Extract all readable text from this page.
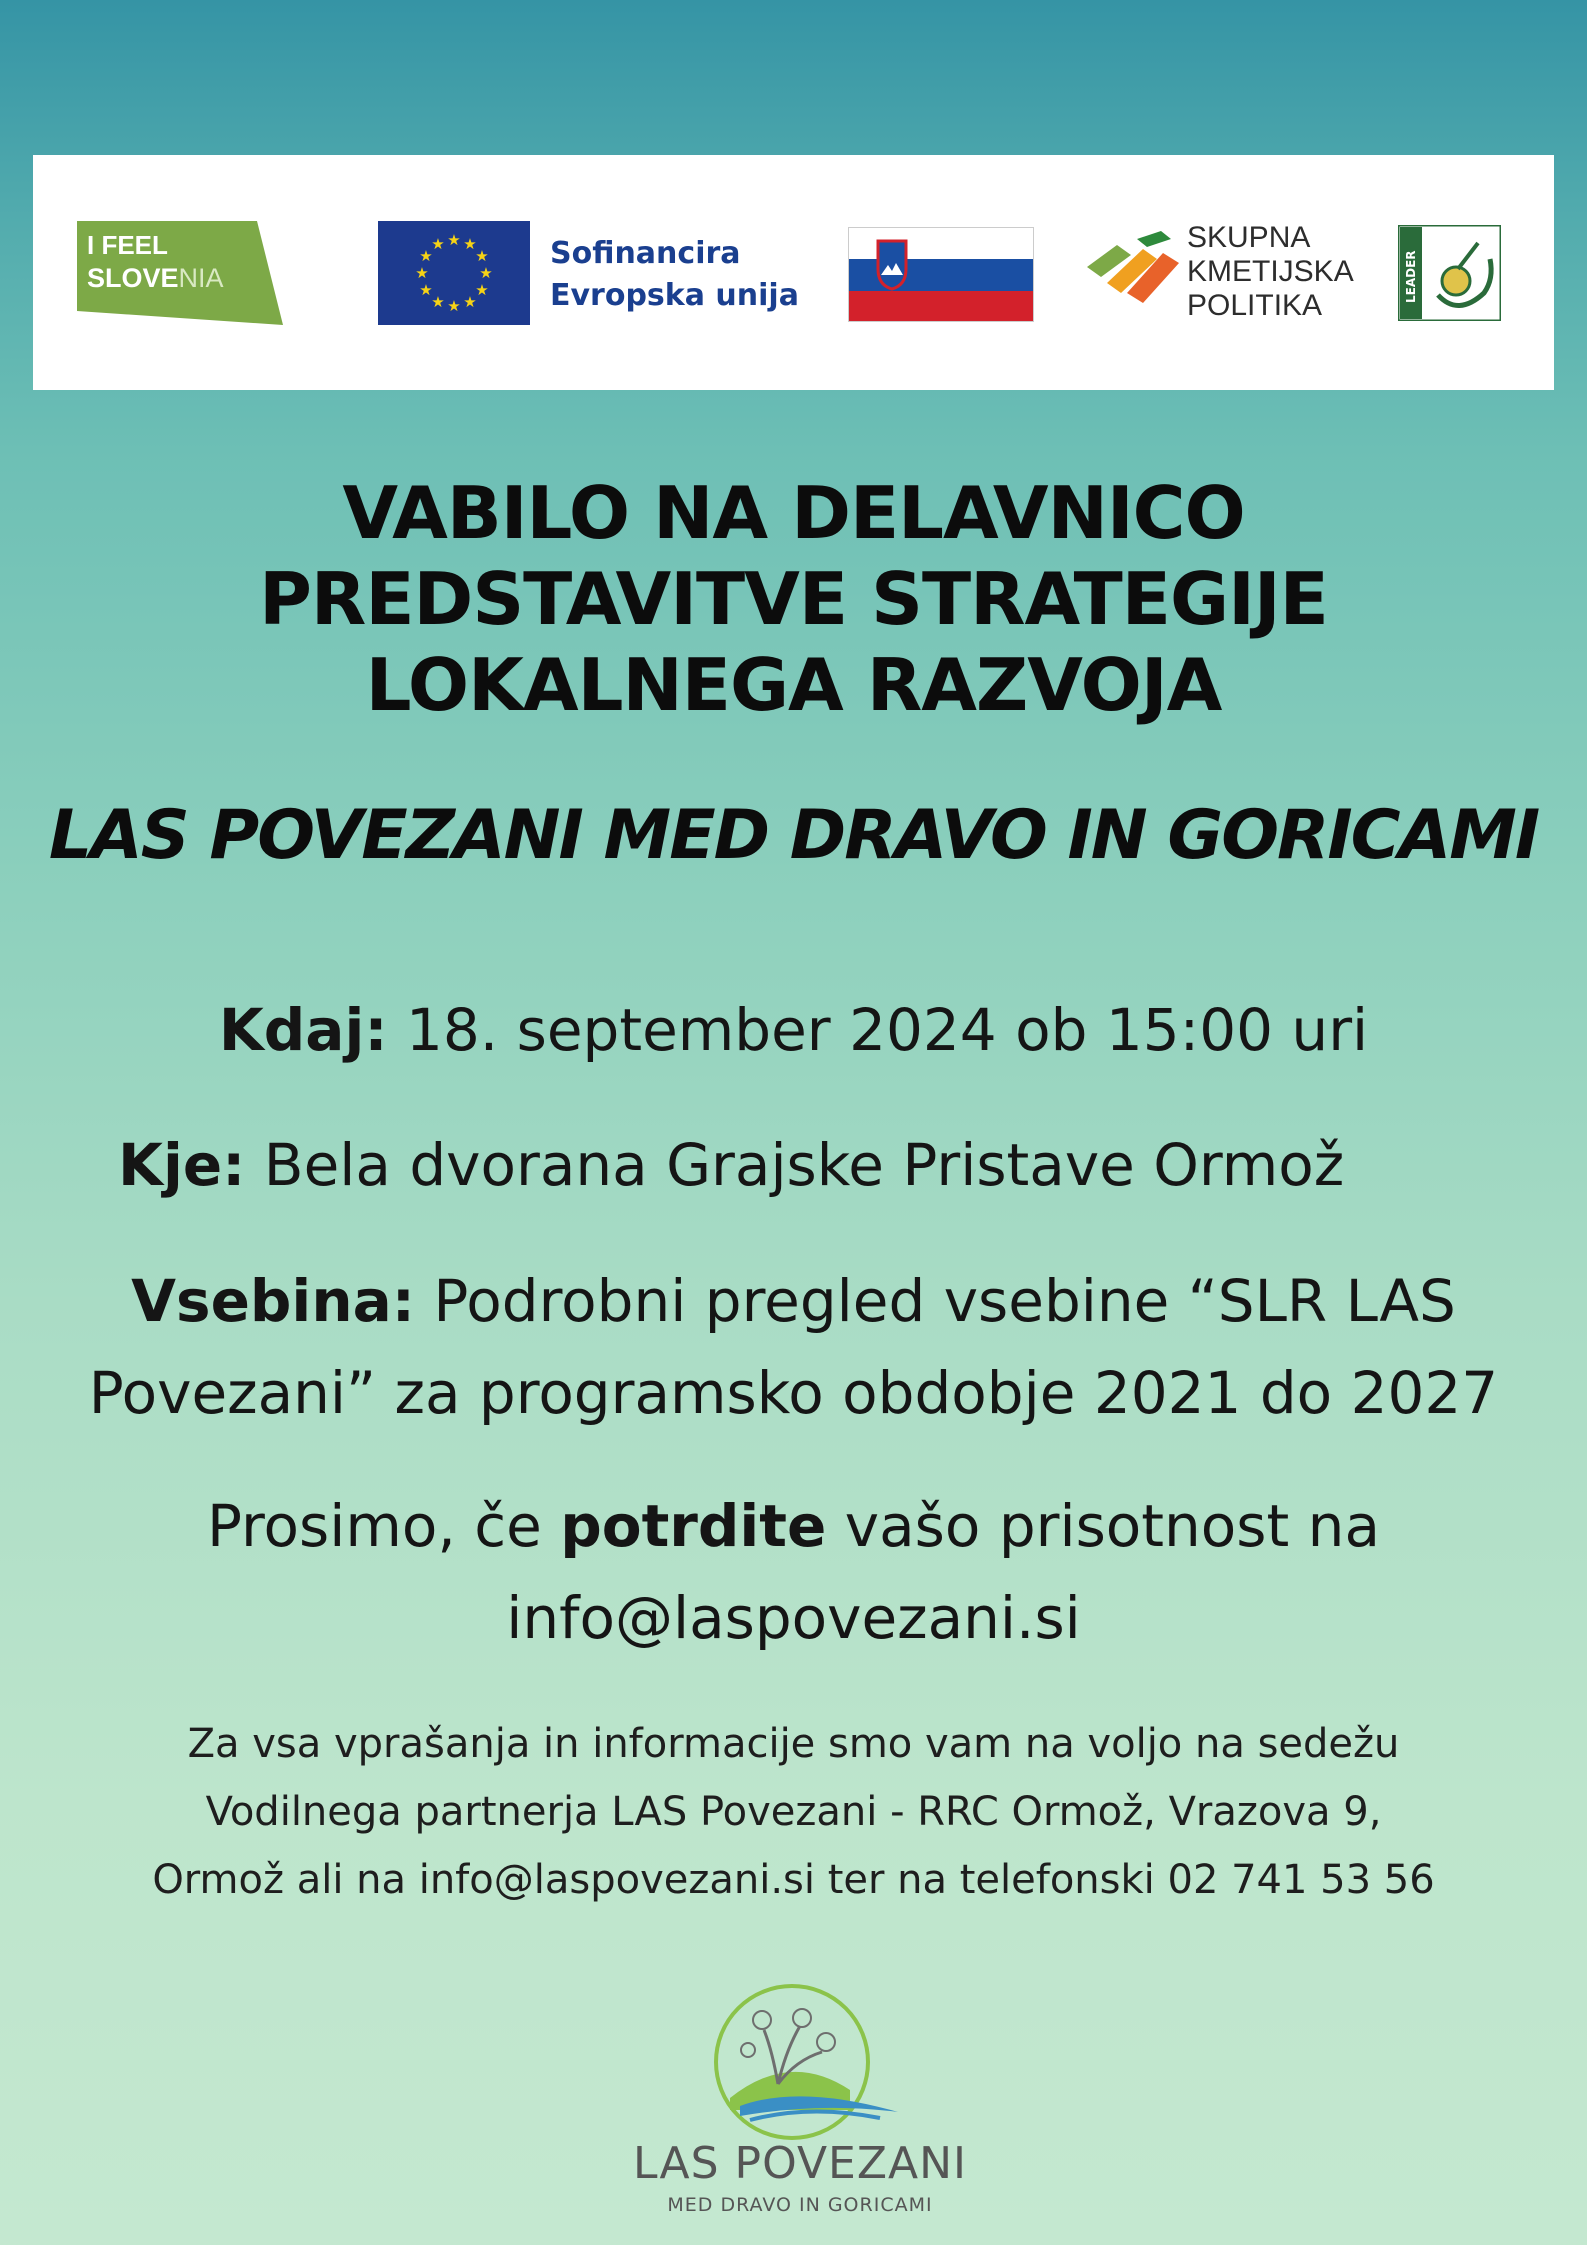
I FEEL
SLOVENIA
★ ★
★
★
★
★
★
★
★
★
★
★	Sofinancira
Evropska unija
SKUPNA
KMETIJSKA
POLITIKA
LEADER
VABILO NA DELAVNICO
PREDSTAVITVE STRATEGIJE
LOKALNEGA RAZVOJA
LAS POVEZANI MED DRAVO IN GORICAMI
Kdaj: 18. september 2024 ob 15:00 uri
Kje: Bela dvorana Grajske Pristave Ormož
Vsebina: Podrobni pregled vsebine “SLR LAS
Povezani” za programsko obdobje 2021 do 2027
Prosimo, če potrdite vašo prisotnost na
info@laspovezani.si
Za vsa vprašanja in informacije smo vam na voljo na sedežu
Vodilnega partnerja LAS Povezani - RRC Ormož, Vrazova 9,
Ormož ali na info@laspovezani.si ter na telefonski 02 741 53 56
LAS POVEZANI
MED DRAVO IN GORICAMI
